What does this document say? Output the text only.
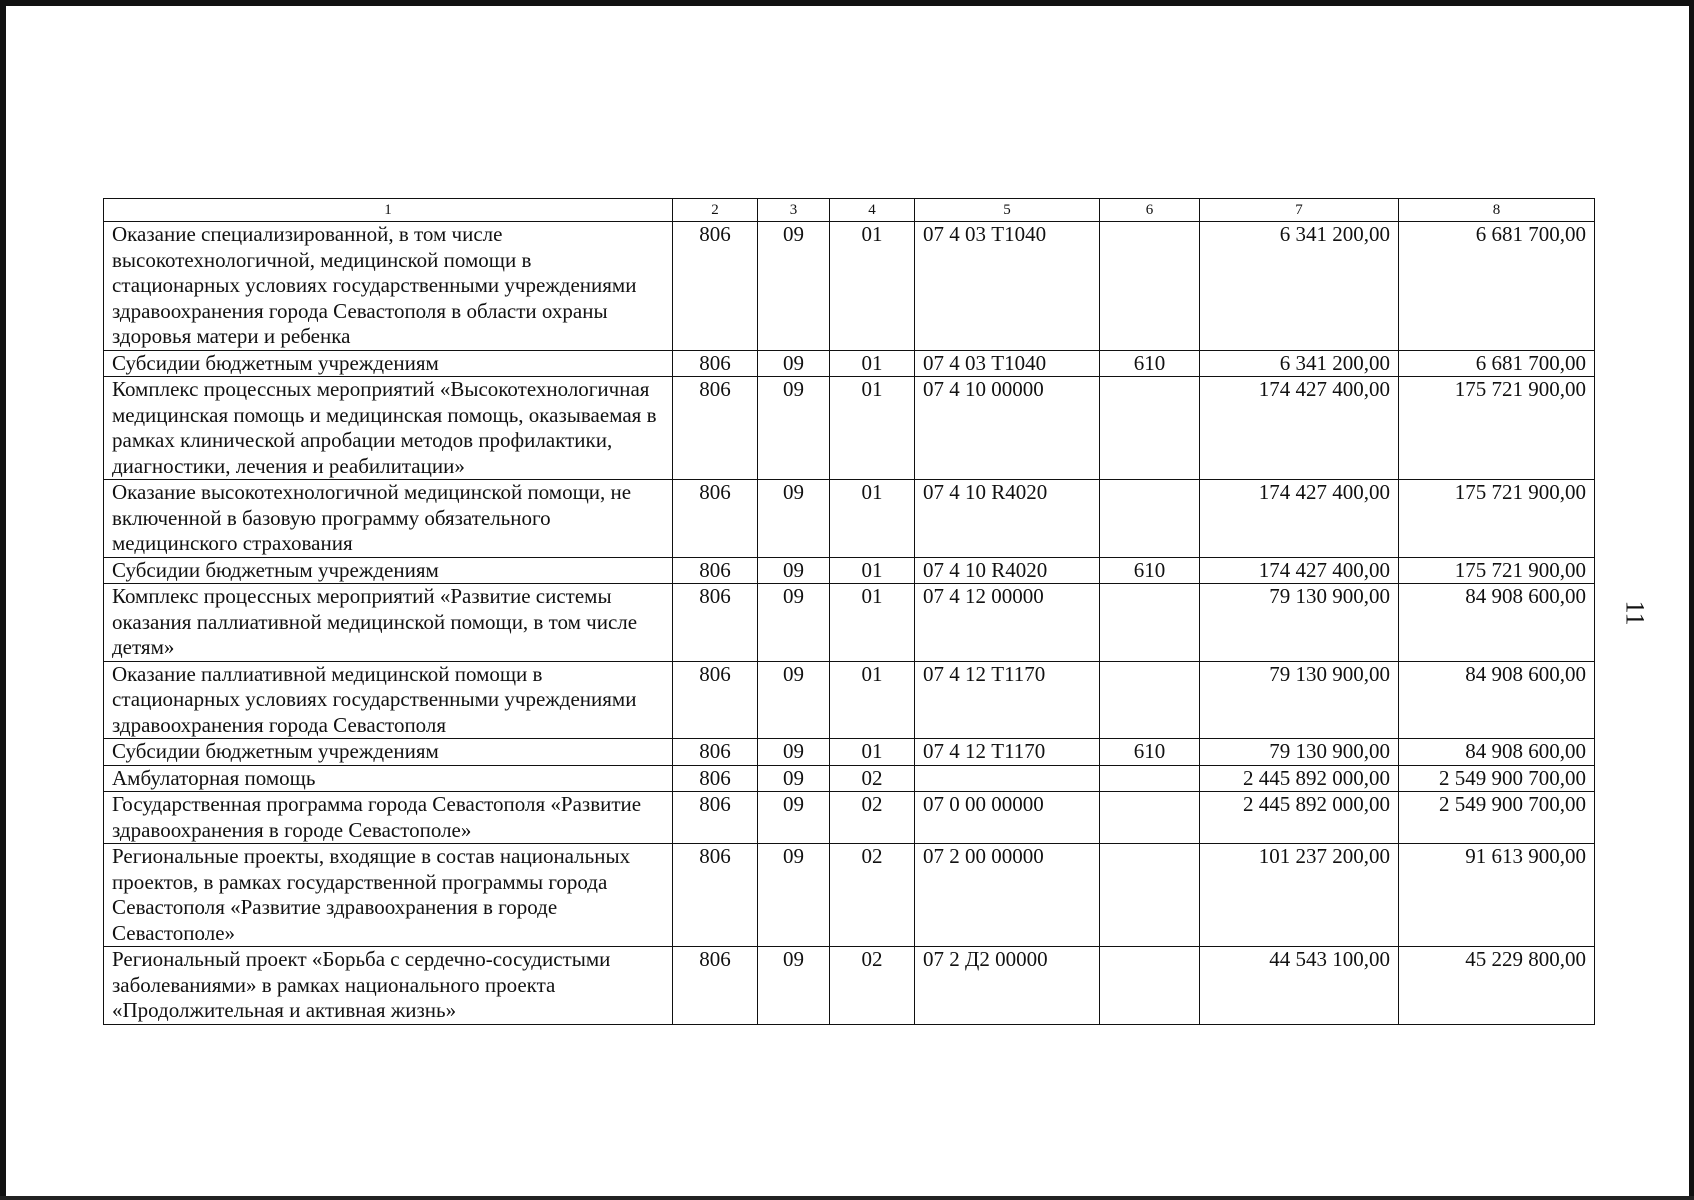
11
1	2	3	4	5	6	7	8
Оказание специализированной, в том числе высокотехнологичной, медицинской помощи в стационарных условиях государственными учреждениями здравоохранения города Севастополя в области охраны здоровья матери и ребенка	806	09	01	07 4 03 Т1040		6 341 200,00	6 681 700,00
Субсидии бюджетным учреждениям	806	09	01	07 4 03 Т1040	610	6 341 200,00	6 681 700,00
Комплекс процессных мероприятий «Высокотехнологичная медицинская помощь и медицинская помощь, оказываемая в рамках клинической апробации методов профилактики, диагностики, лечения и реабилитации»	806	09	01	07 4 10 00000		174 427 400,00	175 721 900,00
Оказание высокотехнологичной медицинской помощи, не включенной в базовую программу обязательного медицинского страхования	806	09	01	07 4 10 R4020		174 427 400,00	175 721 900,00
Субсидии бюджетным учреждениям	806	09	01	07 4 10 R4020	610	174 427 400,00	175 721 900,00
Комплекс процессных мероприятий «Развитие системы оказания паллиативной медицинской помощи, в том числе детям»	806	09	01	07 4 12 00000		79 130 900,00	84 908 600,00
Оказание паллиативной медицинской помощи в стационарных условиях государственными учреждениями здравоохранения города Севастополя	806	09	01	07 4 12 Т1170		79 130 900,00	84 908 600,00
Субсидии бюджетным учреждениям	806	09	01	07 4 12 Т1170	610	79 130 900,00	84 908 600,00
Амбулаторная помощь	806	09	02			2 445 892 000,00	2 549 900 700,00
Государственная программа города Севастополя «Развитие здравоохранения в городе Севастополе»	806	09	02	07 0 00 00000		2 445 892 000,00	2 549 900 700,00
Региональные проекты, входящие в состав национальных проектов, в рамках государственной программы города Севастополя «Развитие здравоохранения в городе Севастополе»	806	09	02	07 2 00 00000		101 237 200,00	91 613 900,00
Региональный проект «Борьба с сердечно-сосудистыми заболеваниями» в рамках национального проекта «Продолжительная и активная жизнь»	806	09	02	07 2 Д2 00000		44 543 100,00	45 229 800,00
